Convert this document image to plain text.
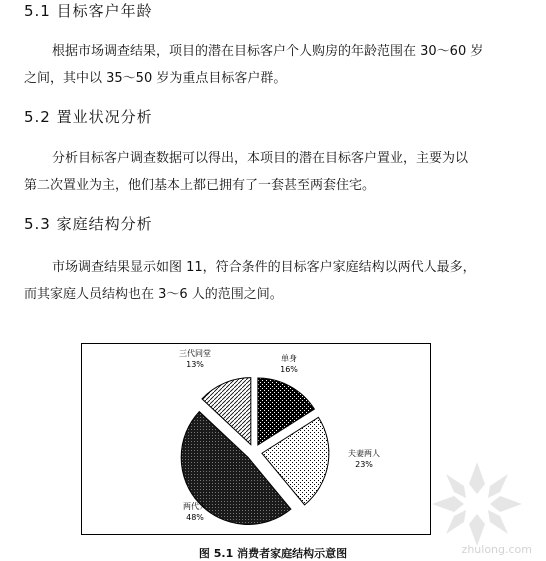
5.1 目标客户年龄

根据市场调查结果，项目的潜在目标客户个人购房的年龄范围在 30～60 岁
之间，其中以 35～50 岁为重点目标客户群。

5.2 置业状况分析

分析目标客户调查数据可以得出，本项目的潜在目标客户置业，主要为以
第二次置业为主，他们基本上都已拥有了一套甚至两套住宅。

5.3 家庭结构分析

市场调查结果显示如图 11，符合条件的目标客户家庭结构以两代人最多，
而其家庭人员结构也在 3～6 人的范围之间。

单身
16%
夫妻两人
23%
两代人
48%
三代同堂
13%
图 5.1 消费者家庭结构示意图	zhulong.com
